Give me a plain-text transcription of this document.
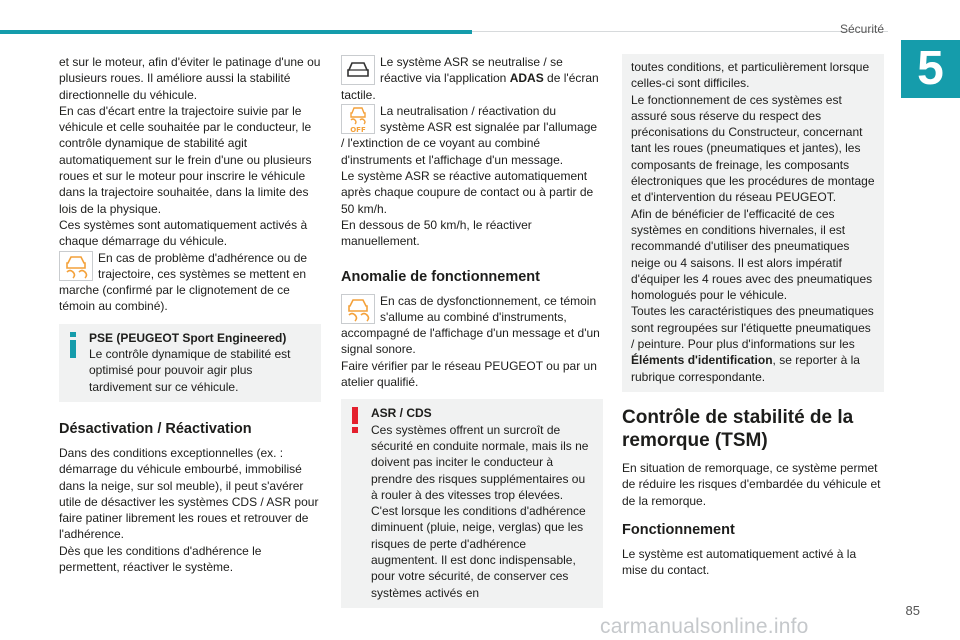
Sécurité
5

et sur le moteur, afin d'éviter le patinage d'une ou plusieurs roues. Il améliore aussi la stabilité directionnelle du véhicule.

En cas d'écart entre la trajectoire suivie par le véhicule et celle souhaitée par le conducteur, le contrôle dynamique de stabilité agit automatiquement sur le frein d'une ou plusieurs roues et sur le moteur pour inscrire le véhicule dans la trajectoire souhaitée, dans la limite des lois de la physique.

Ces systèmes sont automatiquement activés à chaque démarrage du véhicule.

En cas de problème d'adhérence ou de trajectoire, ces systèmes se mettent en marche (confirmé par le clignotement de ce témoin au combiné).
PSE (PEUGEOT Sport Engineered)
Le contrôle dynamique de stabilité est optimisé pour pouvoir agir plus tardivement sur ce véhicule.
Désactivation / Réactivation

Dans des conditions exceptionnelles (ex. : démarrage du véhicule embourbé, immobilisé dans la neige, sur sol meuble), il peut s'avérer utile de désactiver les systèmes CDS / ASR pour faire patiner librement les roues et retrouver de l'adhérence.

Dès que les conditions d'adhérence le permettent, réactiver le système.

Le système ASR se neutralise / se réactive via l'application ADAS de l'écran tactile.
OFF
La neutralisation / réactivation du système ASR est signalée par l'allumage / l'extinction de ce voyant au combiné d'instruments et l'affichage d'un message.

Le système ASR se réactive automatiquement après chaque coupure de contact ou à partir de 50 km/h.

En dessous de 50 km/h, le réactiver manuellement.

Anomalie de fonctionnement
En cas de dysfonctionnement, ce témoin s'allume au combiné d'instruments, accompagné de l'affichage d'un message et d'un signal sonore.

Faire vérifier par le réseau PEUGEOT ou par un atelier qualifié.

ASR / CDS
Ces systèmes offrent un surcroît de sécurité en conduite normale, mais ils ne doivent pas inciter le conducteur à prendre des risques supplémentaires ou à rouler à des vitesses trop élevées.
C'est lorsque les conditions d'adhérence diminuent (pluie, neige, verglas) que les risques de perte d'adhérence augmentent. Il est donc indispensable, pour votre sécurité, de conserver ces systèmes activés en
toutes conditions, et particulièrement lorsque celles-ci sont difficiles.
Le fonctionnement de ces systèmes est assuré sous réserve du respect des préconisations du Constructeur, concernant tant les roues (pneumatiques et jantes), les composants de freinage, les composants électroniques que les procédures de montage et d'intervention du réseau PEUGEOT.
Afin de bénéficier de l'efficacité de ces systèmes en conditions hivernales, il est recommandé d'utiliser des pneumatiques neige ou 4 saisons. Il est alors impératif d'équiper les 4 roues avec des pneumatiques homologués pour le véhicule.
Toutes les caractéristiques des pneumatiques sont regroupées sur l'étiquette pneumatiques / peinture. Pour plus d'informations sur les Éléments d'identification, se reporter à la rubrique correspondante.
Contrôle de stabilité de la remorque (TSM)

En situation de remorquage, ce système permet de réduire les risques d'embardée du véhicule et de la remorque.

Fonctionnement

Le système est automatiquement activé à la mise du contact.

85
carmanualsonline.info
